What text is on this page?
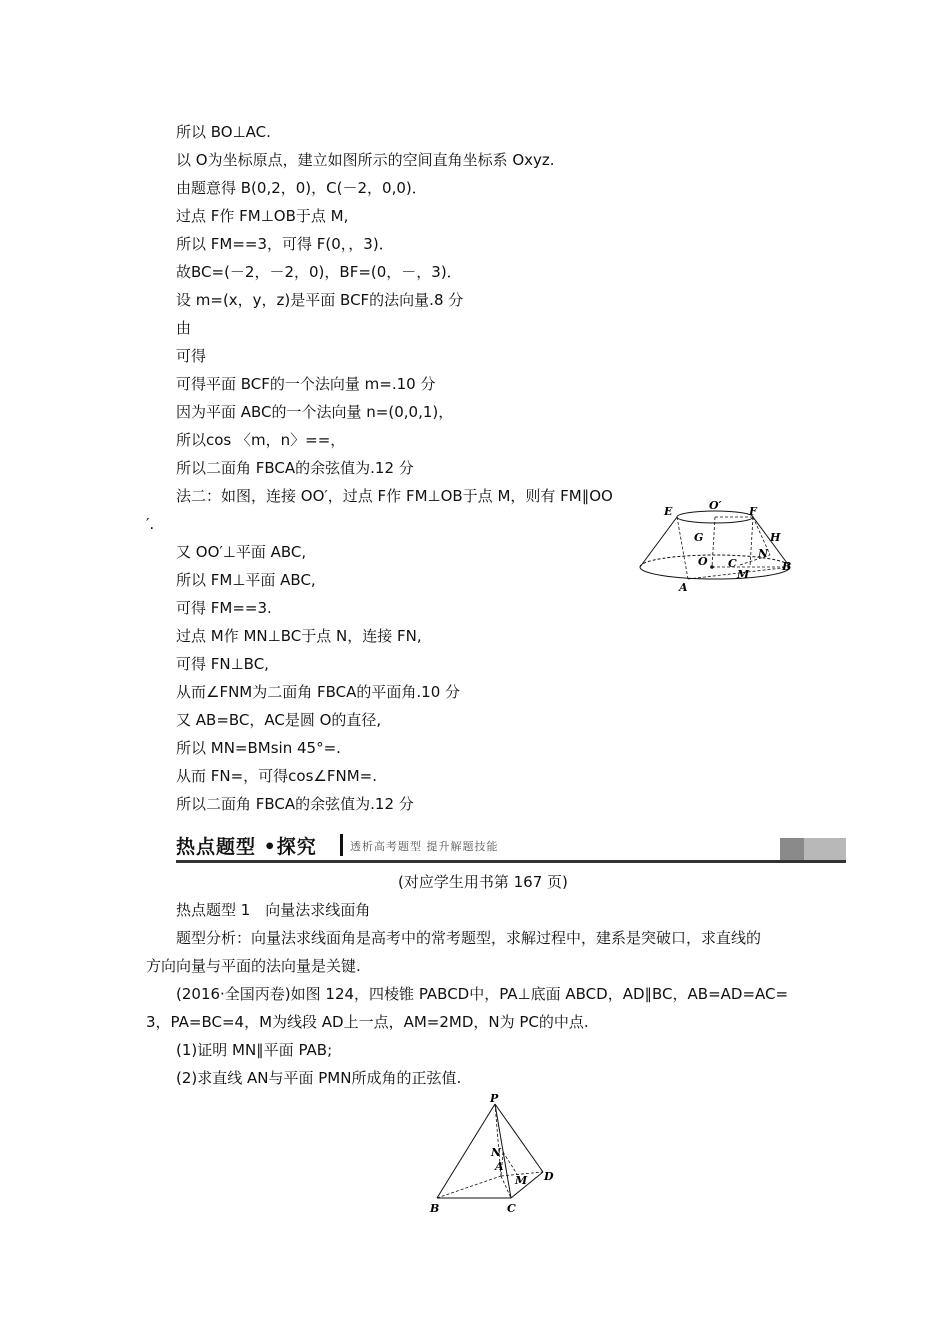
所以 BO⊥AC.
以 O为坐标原点，建立如图所示的空间直角坐标系 Oxyz.
由题意得 B(0,2，0)，C(－2，0,0)．
过点 F作 FM⊥OB于点 M,
所以 FM==3，可得 F(0，，3)．
故BC=(－2，－2，0)，BF=(0，－，3)．
设 m=(x，y，z)是平面 BCF的法向量.8 分
由
可得
可得平面 BCF的一个法向量 m=.10 分
因为平面 ABC的一个法向量 n=(0,0,1)，
所以cos 〈m，n〉==，
所以二面角 FBCA的余弦值为.12 分
法二：如图，连接 OO′，过点 F作 FM⊥OB于点 M，则有 FM∥OO
′.
又 OO′⊥平面 ABC,
所以 FM⊥平面 ABC,
可得 FM==3.
过点 M作 MN⊥BC于点 N，连接 FN,
可得 FN⊥BC,
从而∠FNM为二面角 FBCA的平面角.10 分
又 AB=BC，AC是圆 O的直径,
所以 MN=BMsin 45°=.
从而 FN=，可得cos∠FNM=.
所以二面角 FBCA的余弦值为.12 分
E	O′	F
G	H
N
O C
M
B
A
热点题型 •探究	透析高考题型 提升解题技能
(对应学生用书第 167 页)
热点题型 1　向量法求线面角
题型分析：向量法求线面角是高考中的常考题型，求解过程中，建系是突破口，求直线的
方向向量与平面的法向量是关键.
(2016·全国丙卷)如图 124，四棱锥 PABCD中，PA⊥底面 ABCD，AD∥BC，AB=AD=AC=
3，PA=BC=4，M为线段 AD上一点，AM=2MD，N为 PC的中点.
(1)证明 MN∥平面 PAB;
(2)求直线 AN与平面 PMN所成角的正弦值.
P
N
A
M D
B	C
